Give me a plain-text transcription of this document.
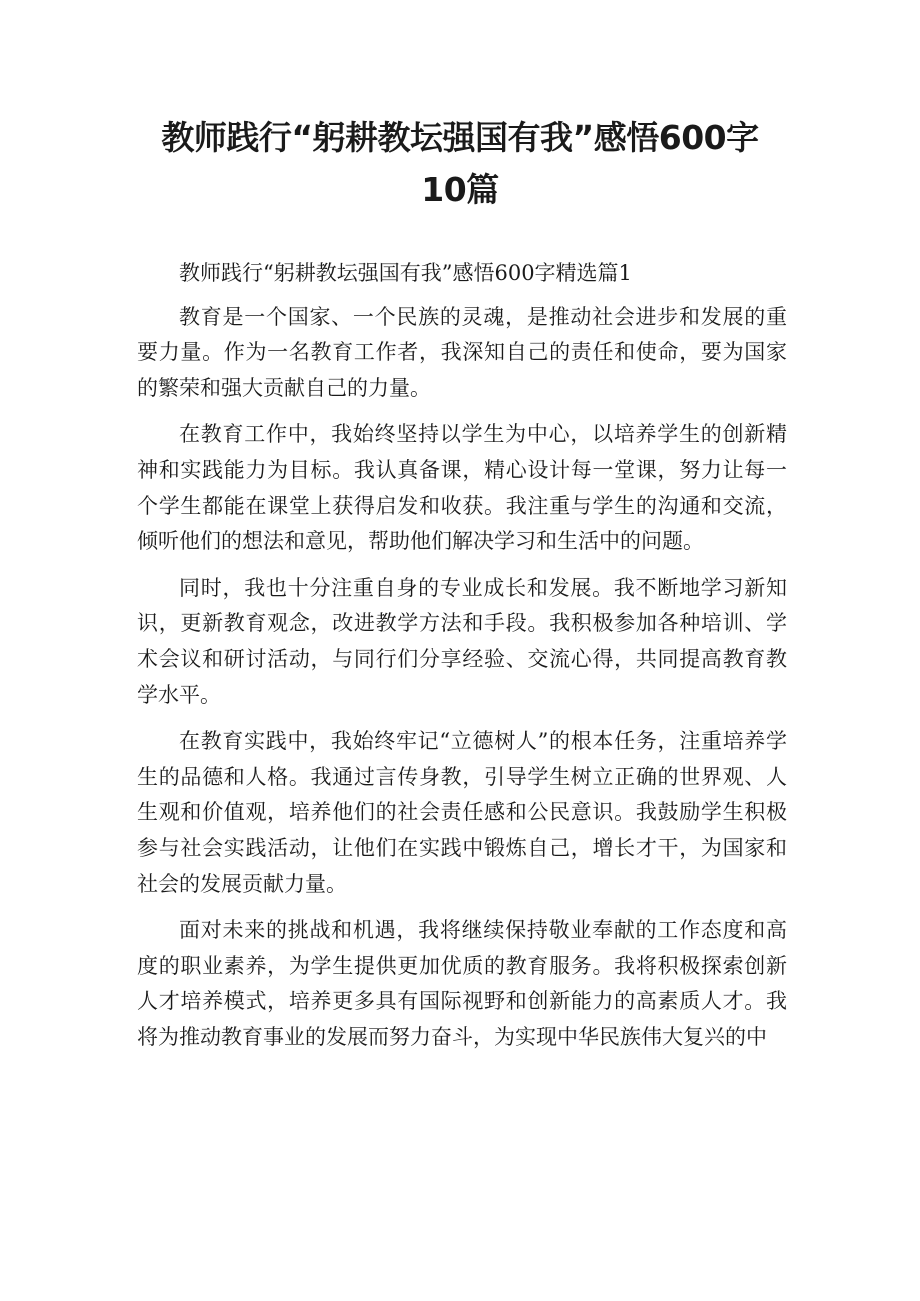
教师践行“躬耕教坛强国有我”感悟600字
10篇

教师践行“躬耕教坛强国有我”感悟600字精选篇1

教育是一个国家、一个民族的灵魂，是推动社会进步和发展的重要力量。作为一名教育工作者，我深知自己的责任和使命，要为国家的繁荣和强大贡献自己的力量。

在教育工作中，我始终坚持以学生为中心，以培养学生的创新精神和实践能力为目标。我认真备课，精心设计每一堂课，努力让每一个学生都能在课堂上获得启发和收获。我注重与学生的沟通和交流，倾听他们的想法和意见，帮助他们解决学习和生活中的问题。

同时，我也十分注重自身的专业成长和发展。我不断地学习新知识，更新教育观念，改进教学方法和手段。我积极参加各种培训、学术会议和研讨活动，与同行们分享经验、交流心得，共同提高教育教学水平。

在教育实践中，我始终牢记“立德树人”的根本任务，注重培养学生的品德和人格。我通过言传身教，引导学生树立正确的世界观、人生观和价值观，培养他们的社会责任感和公民意识。我鼓励学生积极参与社会实践活动，让他们在实践中锻炼自己，增长才干，为国家和社会的发展贡献力量。

面对未来的挑战和机遇，我将继续保持敬业奉献的工作态度和高度的职业素养，为学生提供更加优质的教育服务。我将积极探索创新人才培养模式，培养更多具有国际视野和创新能力的高素质人才。我将为推动教育事业的发展而努力奋斗，为实现中华民族伟大复兴的中
